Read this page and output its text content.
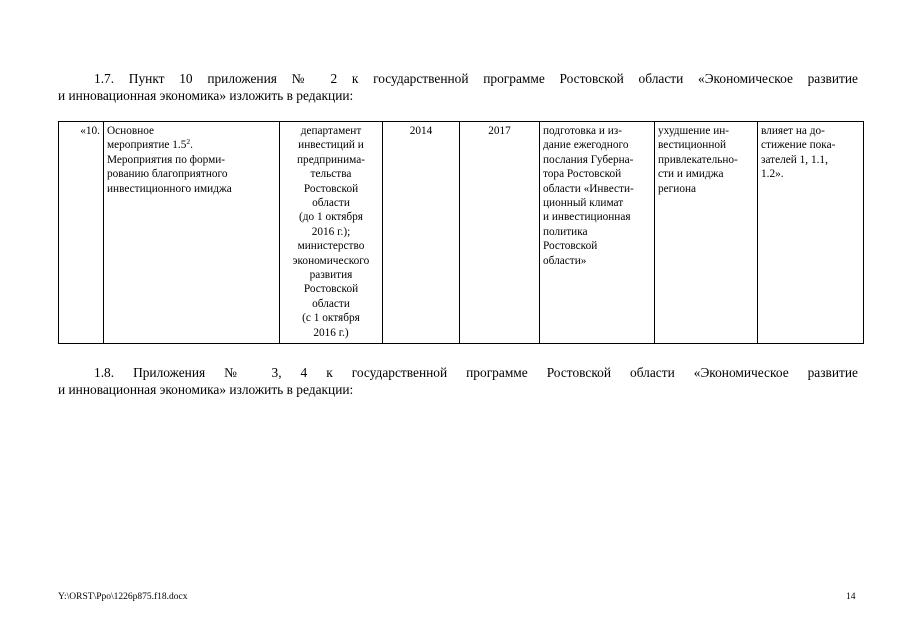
1.7. Пункт 10 приложения № 2 к государственной программе Ростовской области «Экономическое развитие
и инновационная экономика» изложить в редакции:
«10.	Основное
мероприятие $1.5^2$.
Мероприятия по форми-
рованию благоприятного
инвестиционного имиджа

департамент
инвестиций и
предпринима-
тельства
Ростовской
области
(до 1 октября
2016 г.);
министерство
экономического
развития
Ростовской
области
(с 1 октября
2016 г.)

2014	2017	подготовка и из-
дание ежегодного
послания Губерна-
тора Ростовской
области «Инвести-
ционный климат
и инвестиционная
политика
Ростовской
области»

ухудшение ин-
вестиционной
привлекательно-
сти и имиджа
региона

влияет на до-
стижение пока-
зателей 1, 1.1,
1.2».
1.8. Приложения № 3, 4 к государственной программе Ростовской области «Экономическое развитие
и инновационная экономика» изложить в редакции:
Y:\ORST\Ppo\1226p875.f18.docx	14
